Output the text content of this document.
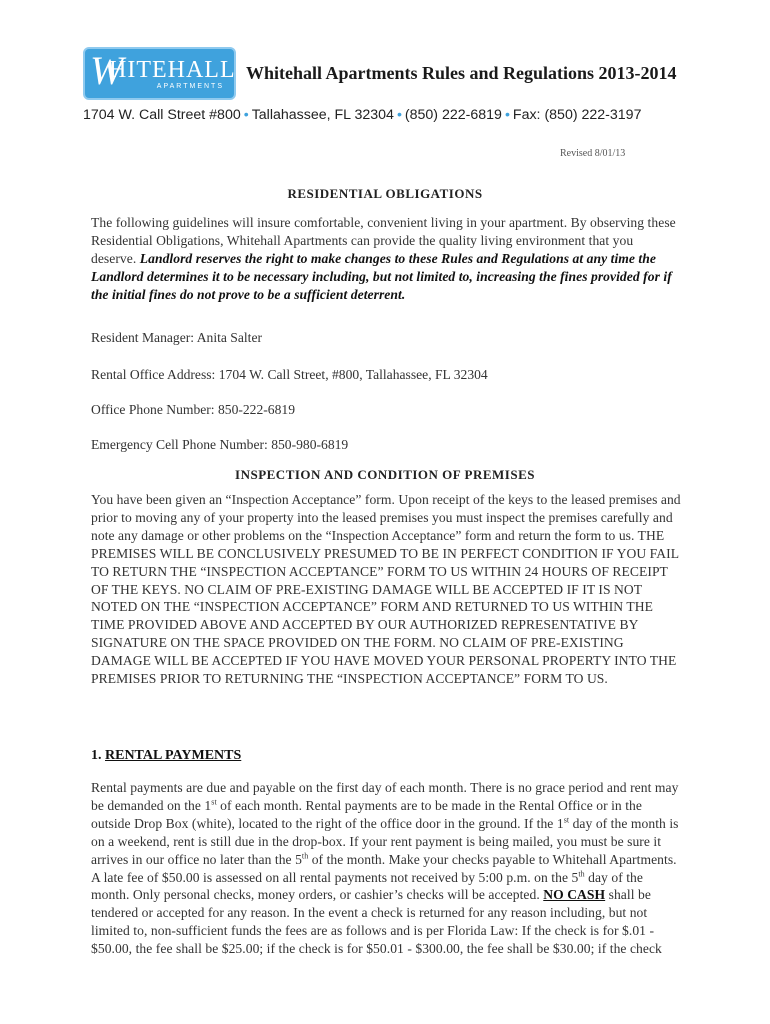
W
HITEHALL
APARTMENTS
Whitehall Apartments Rules and Regulations 2013-2014
1704 W. Call Street #800 • Tallahassee, FL 32304 • (850) 222-6819 • Fax: (850) 222-3197
Revised 8/01/13
RESIDENTIAL OBLIGATIONS
The following guidelines will insure comfortable, convenient living in your apartment. By observing these Residential Obligations, Whitehall Apartments can provide the quality living environment that you deserve. Landlord reserves the right to make changes to these Rules and Regulations at any time the Landlord determines it to be necessary including, but not limited to, increasing the fines provided for if the initial fines do not prove to be a sufficient deterrent.
Resident Manager: Anita Salter
Rental Office Address: 1704 W. Call Street, #800, Tallahassee, FL 32304
Office Phone Number: 850-222-6819
Emergency Cell Phone Number: 850-980-6819
INSPECTION AND CONDITION OF PREMISES
You have been given an “Inspection Acceptance” form. Upon receipt of the keys to the leased premises and prior to moving any of your property into the leased premises you must inspect the premises carefully and note any damage or other problems on the “Inspection Acceptance” form and return the form to us. THE PREMISES WILL BE CONCLUSIVELY PRESUMED TO BE IN PERFECT CONDITION IF YOU FAIL TO RETURN THE “INSPECTION ACCEPTANCE” FORM TO US WITHIN 24 HOURS OF RECEIPT OF THE KEYS. NO CLAIM OF PRE-EXISTING DAMAGE WILL BE ACCEPTED IF IT IS NOT NOTED ON THE “INSPECTION ACCEPTANCE” FORM AND RETURNED TO US WITHIN THE TIME PROVIDED ABOVE AND ACCEPTED BY OUR AUTHORIZED REPRESENTATIVE BY SIGNATURE ON THE SPACE PROVIDED ON THE FORM. NO CLAIM OF PRE-EXISTING DAMAGE WILL BE ACCEPTED IF YOU HAVE MOVED YOUR PERSONAL PROPERTY INTO THE PREMISES PRIOR TO RETURNING THE “INSPECTION ACCEPTANCE” FORM TO US.
1. RENTAL PAYMENTS
Rental payments are due and payable on the first day of each month. There is no grace period and rent may be demanded on the 1st of each month. Rental payments are to be made in the Rental Office or in the outside Drop Box (white), located to the right of the office door in the ground. If the 1st day of the month is on a weekend, rent is still due in the drop-box. If your rent payment is being mailed, you must be sure it arrives in our office no later than the 5th of the month. Make your checks payable to Whitehall Apartments. A late fee of $50.00 is assessed on all rental payments not received by 5:00 p.m. on the 5th day of the month. Only personal checks, money orders, or cashier’s checks will be accepted. NO CASH shall be tendered or accepted for any reason. In the event a check is returned for any reason including, but not limited to, non-sufficient funds the fees are as follows and is per Florida Law: If the check is for $.01 - $50.00, the fee shall be $25.00; if the check is for $50.01 - $300.00, the fee shall be $30.00; if the check
